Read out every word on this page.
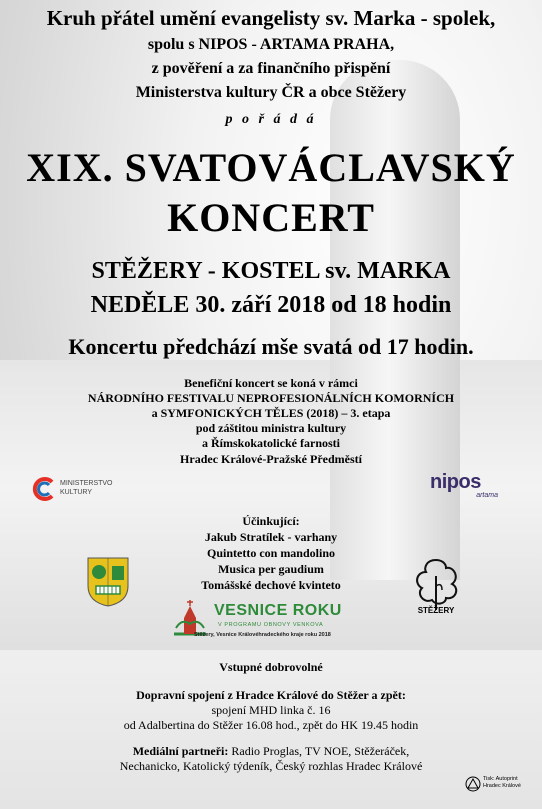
Kruh přátel umění evangelisty sv. Marka - spolek,
spolu s NIPOS - ARTAMA PRAHA,
z pověření a za finančního přispění
Ministerstva kultury ČR a obce Stěžery
p o ř á d á
XIX. SVATOVÁCLAVSKÝ
KONCERT
STĚŽERY - KOSTEL sv. MARKA
NEDĚLE 30. září 2018 od 18 hodin
Koncertu předchází mše svatá od 17 hodin.
Benefiční koncert se koná v rámci
NÁRODNÍHO FESTIVALU NEPROFESIONÁLNÍCH KOMORNÍCH
a SYMFONICKÝCH TĚLES (2018) – 3. etapa
pod záštitou ministra kultury
a Římskokatolické farnosti
Hradec Králové-Pražské Předměstí
MINISTERSTVO
KULTURY	nipos
artama
Účinkující:
Jakub Stratílek - varhany
Quintetto con mandolino
Musica per gaudium
Tomášské dechové kvinteto
STĚŽERY
VESNICE ROKU
V PROGRAMU OBNOVY VENKOVA
Stěžery, Vesnice Královéhradeckého kraje roku 2018
Vstupné dobrovolné
Dopravní spojení z Hradce Králové do Stěžer a zpět:
spojení MHD linka č. 16
od Adalbertina do Stěžer 16.08 hod., zpět do HK 19.45 hodin
Mediální partneři: Radio Proglas, TV NOE, Stěžeráček,
Nechanicko, Katolický týdeník, Český rozhlas Hradec Králové
Tisk: Autoprint
Hradec Králové
